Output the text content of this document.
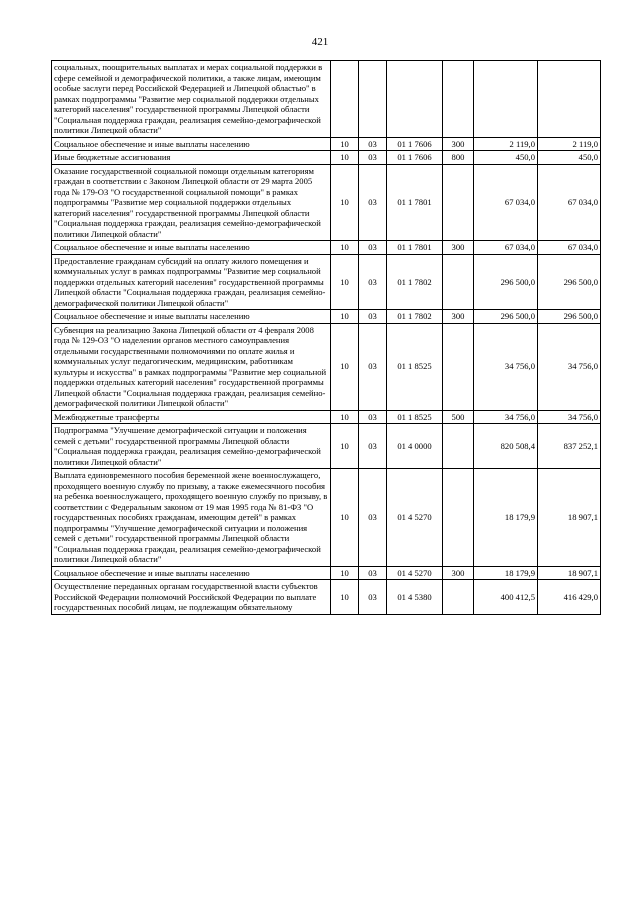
421
социальных, поощрительных выплатах и мерах социальной поддержки в сфере семейной и демографической политики, а также лицам, имеющим особые заслуги перед Российской Федерацией и Липецкой областью" в рамках подпрограммы "Развитие мер социальной поддержки отдельных категорий населения" государственной программы Липецкой области "Социальная поддержка граждан, реализация семейно-демографической политики Липецкой области"						
Социальное обеспечение и иные выплаты населению	10	03	01 1 7606	300	2 119,0	2 119,0
Иные бюджетные ассигнования	10	03	01 1 7606	800	450,0	450,0
Оказание государственной социальной помощи отдельным категориям граждан в соответствии с Законом Липецкой области от 29 марта 2005 года № 179-ОЗ "О государственной социальной помощи" в рамках подпрограммы "Развитие мер социальной поддержки отдельных категорий населения" государственной программы Липецкой области "Социальная поддержка граждан, реализация семейно-демографической политики Липецкой области"	10	03	01 1 7801		67 034,0	67 034,0
Социальное обеспечение и иные выплаты населению	10	03	01 1 7801	300	67 034,0	67 034,0
Предоставление гражданам субсидий на оплату жилого помещения и коммунальных услуг в рамках подпрограммы "Развитие мер социальной поддержки отдельных категорий населения" государственной программы Липецкой области "Социальная поддержка граждан, реализация семейно-демографической политики Липецкой области"	10	03	01 1 7802		296 500,0	296 500,0
Социальное обеспечение и иные выплаты населению	10	03	01 1 7802	300	296 500,0	296 500,0
Субвенция на реализацию Закона Липецкой области от 4 февраля 2008 года № 129-ОЗ "О наделении органов местного самоуправления отдельными государственными полномочиями по оплате жилья и коммунальных услуг педагогическим, медицинским, работникам культуры и искусства" в рамках подпрограммы "Развитие мер социальной поддержки отдельных категорий населения" государственной программы Липецкой области "Социальная поддержка граждан, реализация семейно-демографической политики Липецкой области"	10	03	01 1 8525		34 756,0	34 756,0
Межбюджетные трансферты	10	03	01 1 8525	500	34 756,0	34 756,0
Подпрограмма "Улучшение демографической ситуации и положения семей с детьми" государственной программы Липецкой области "Социальная поддержка граждан, реализация семейно-демографической политики Липецкой области"	10	03	01 4 0000		820 508,4	837 252,1
Выплата единовременного пособия беременной жене военнослужащего, проходящего военную службу по призыву, а также ежемесячного пособия на ребенка военнослужащего, проходящего военную службу по призыву, в соответствии с Федеральным законом от 19 мая 1995 года № 81-ФЗ "О государственных пособиях гражданам, имеющим детей" в рамках подпрограммы "Улучшение демографической ситуации и положения семей с детьми" государственной программы Липецкой области "Социальная поддержка граждан, реализация семейно-демографической политики Липецкой области"	10	03	01 4 5270		18 179,9	18 907,1
Социальное обеспечение и иные выплаты населению	10	03	01 4 5270	300	18 179,9	18 907,1
Осуществление переданных органам государственной власти субъектов Российской Федерации полномочий Российской Федерации по выплате государственных пособий лицам, не подлежащим обязательному	10	03	01 4 5380		400 412,5	416 429,0
